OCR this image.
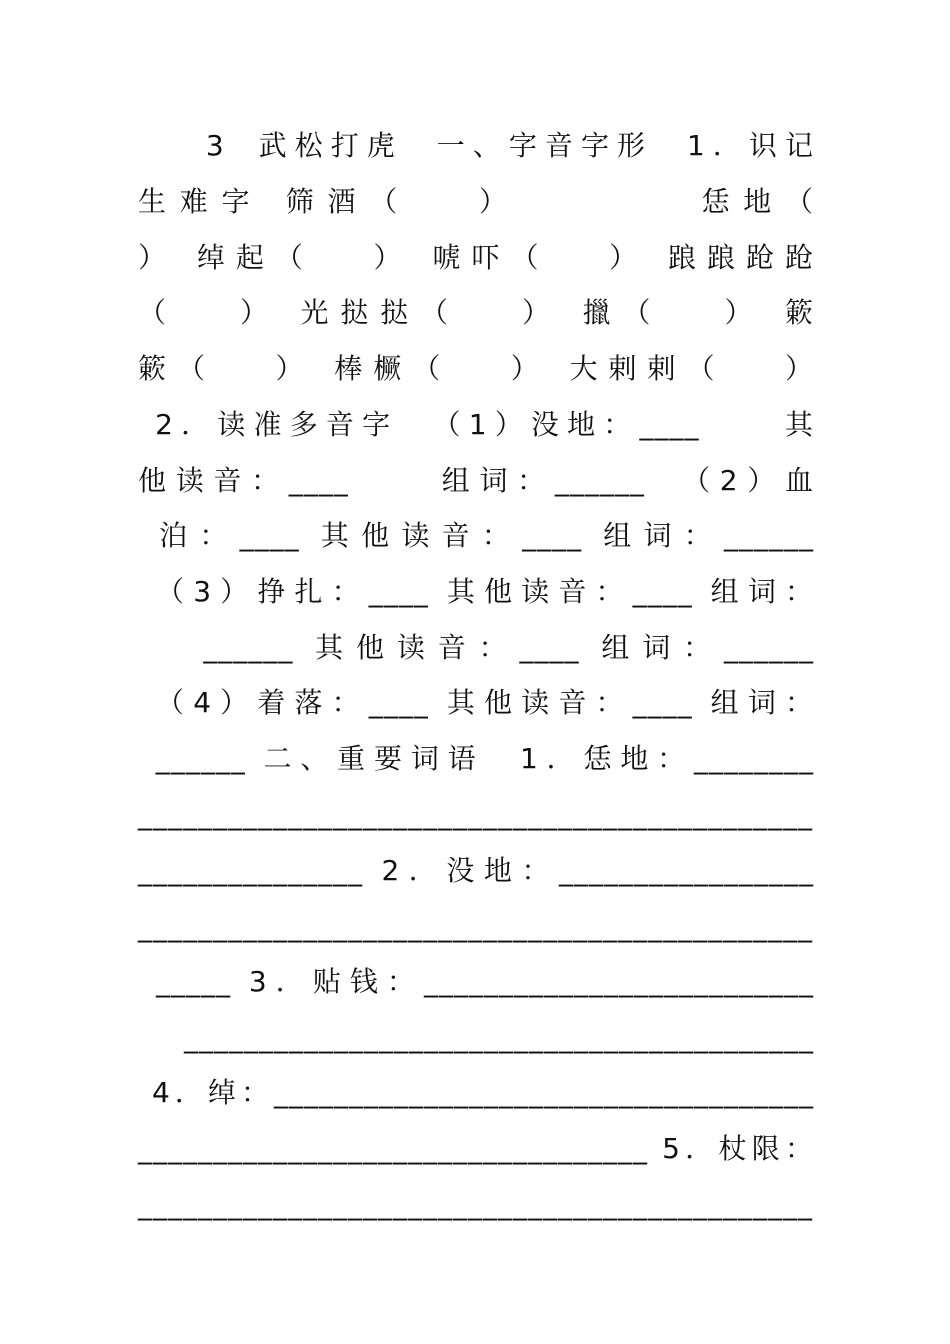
3  武松打虎  一、字音字形  1．识记
生难字 筛酒（   ）        恁地（
） 绰起（   ） 唬吓（   ） 踉踉跄跄
（   ） 光挞挞（   ） 擸（   ） 簌
簌（   ） 棒橛（   ） 大剌剌（   ）
2．读准多音字  （1）没地：____     其
他读音：____     组词：______  （2）血
泊：____ 其他读音：____ 组词：______
（3）挣扎：____ 其他读音：____ 组词：
______ 其他读音：____ 组词：______
（4）着落：____ 其他读音：____ 组词：
______ 二、重要词语  1．恁地：________
_____________________________________________
_______________ 2．没地：_________________
_____________________________________________
_____ 3．贴钱：__________________________
__________________________________________
4．绰：____________________________________
__________________________________ 5．杖限：
_____________________________________________
